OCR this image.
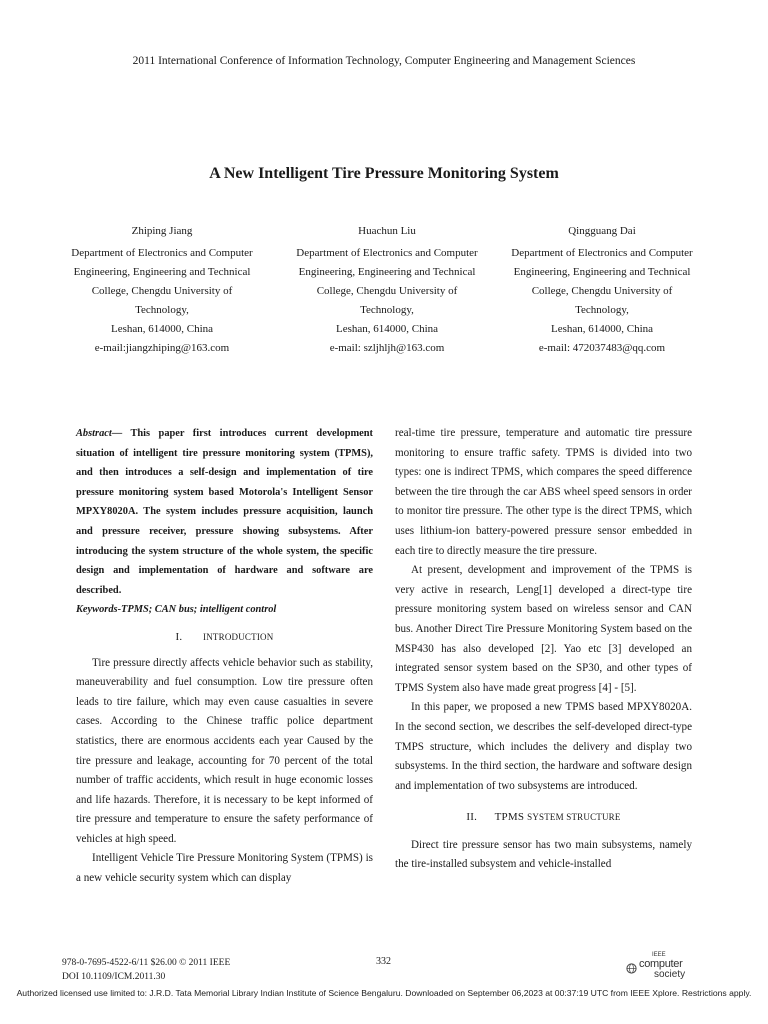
2011 International Conference of Information Technology, Computer Engineering and Management Sciences
A New Intelligent Tire Pressure Monitoring System
Zhiping Jiang
Department of Electronics and Computer
Engineering, Engineering and Technical
College, Chengdu University of
Technology,
Leshan, 614000, China
e-mail:jiangzhiping@163.com
Huachun Liu
Department of Electronics and Computer
Engineering, Engineering and Technical
College, Chengdu University of
Technology,
Leshan, 614000, China
e-mail: szljhljh@163.com
Qingguang Dai
Department of Electronics and Computer
Engineering, Engineering and Technical
College, Chengdu University of
Technology,
Leshan, 614000, China
e-mail: 472037483@qq.com

Abstract— This paper first introduces current development situation of intelligent tire pressure monitoring system (TPMS), and then introduces a self-design and implementation of tire pressure monitoring system based Motorola's Intelligent Sensor MPXY8020A. The system includes pressure acquisition, launch and pressure receiver, pressure showing subsystems. After introducing the system structure of the whole system, the specific design and implementation of hardware and software are described.

Keywords-TPMS; CAN bus; intelligent control

I. INTRODUCTION

Tire pressure directly affects vehicle behavior such as stability, maneuverability and fuel consumption. Low tire pressure often leads to tire failure, which may even cause casualties in severe cases. According to the Chinese traffic police department statistics, there are enormous accidents each year Caused by the tire pressure and leakage, accounting for 70 percent of the total number of traffic accidents, which result in huge economic losses and life hazards. Therefore, it is necessary to be kept informed of tire pressure and temperature to ensure the safety performance of vehicles at high speed.

Intelligent Vehicle Tire Pressure Monitoring System (TPMS) is a new vehicle security system which can display

real-time tire pressure, temperature and automatic tire pressure monitoring to ensure traffic safety. TPMS is divided into two types: one is indirect TPMS, which compares the speed difference between the tire through the car ABS wheel speed sensors in order to monitor tire pressure. The other type is the direct TPMS, which uses lithium-ion battery-powered pressure sensor embedded in each tire to directly measure the tire pressure.

At present, development and improvement of the TPMS is very active in research, Leng[1] developed a direct-type tire pressure monitoring system based on wireless sensor and CAN bus. Another Direct Tire Pressure Monitoring System based on the MSP430 has also developed [2]. Yao etc [3] developed an integrated sensor system based on the SP30, and other types of TPMS System also have made great progress [4] - [5].

In this paper, we proposed a new TPMS based MPXY8020A. In the second section, we describes the self-developed direct-type TMPS structure, which includes the delivery and display two subsystems. In the third section, the hardware and software design and implementation of two subsystems are introduced.

II. TPMS SYSTEM STRUCTURE

Direct tire pressure sensor has two main subsystems, namely the tire-installed subsystem and vehicle-installed

978-0-7695-4522-6/11 $26.00 © 2011 IEEE
DOI 10.1109/ICM.2011.30
332
IEEE
computer
society
Authorized licensed use limited to: J.R.D. Tata Memorial Library Indian Institute of Science Bengaluru. Downloaded on September 06,2023 at 00:37:19 UTC from IEEE Xplore. Restrictions apply.
